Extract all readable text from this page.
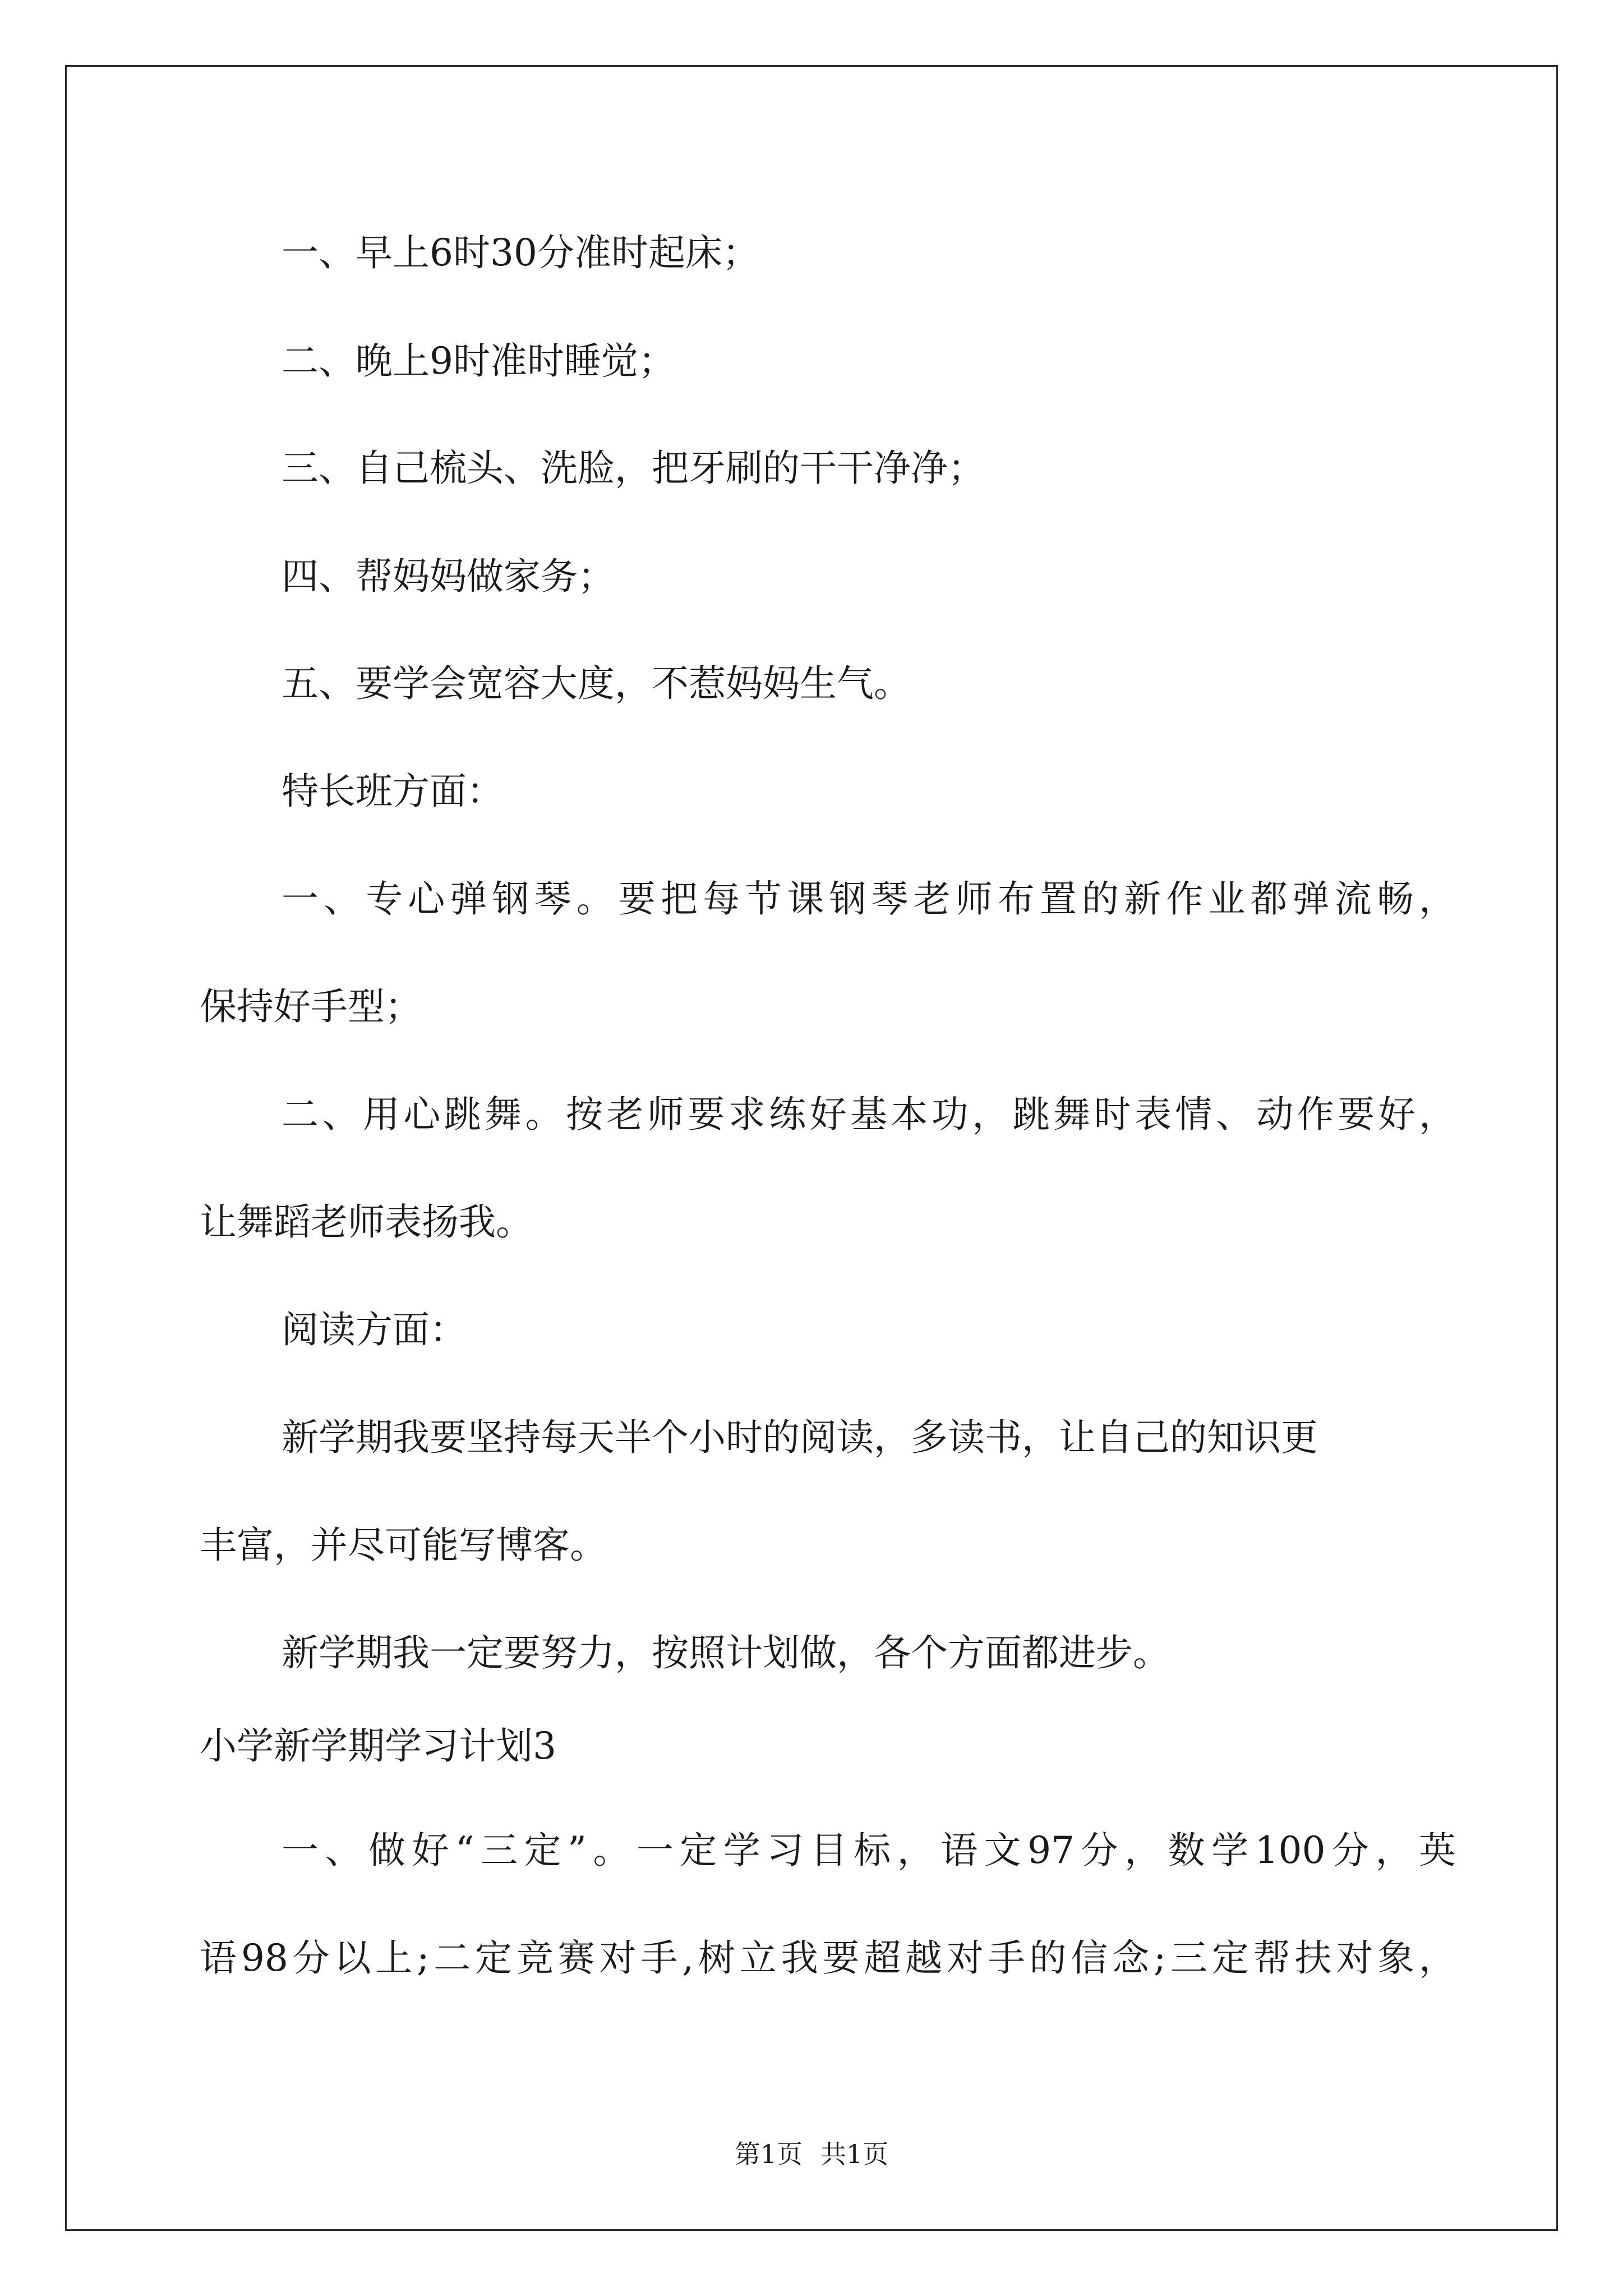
一、早上6时30分准时起床；

二、晚上9时准时睡觉；

三、自己梳头、洗脸，把牙刷的干干净净；

四、帮妈妈做家务；

五、要学会宽容大度，不惹妈妈生气。

特长班方面：

一、专心弹钢琴。要把每节课钢琴老师布置的新作业都弹流畅，

保持好手型；

二、用心跳舞。按老师要求练好基本功，跳舞时表情、动作要好，

让舞蹈老师表扬我。

阅读方面：

新学期我要坚持每天半个小时的阅读，多读书，让自己的知识更

丰富，并尽可能写博客。

新学期我一定要努力，按照计划做，各个方面都进步。

小学新学期学习计划3

一、做好“三定”。一定学习目标，语文97分，数学100分，英

语98分以上;二定竞赛对手,树立我要超越对手的信念;三定帮扶对象，

第1页 共1页
